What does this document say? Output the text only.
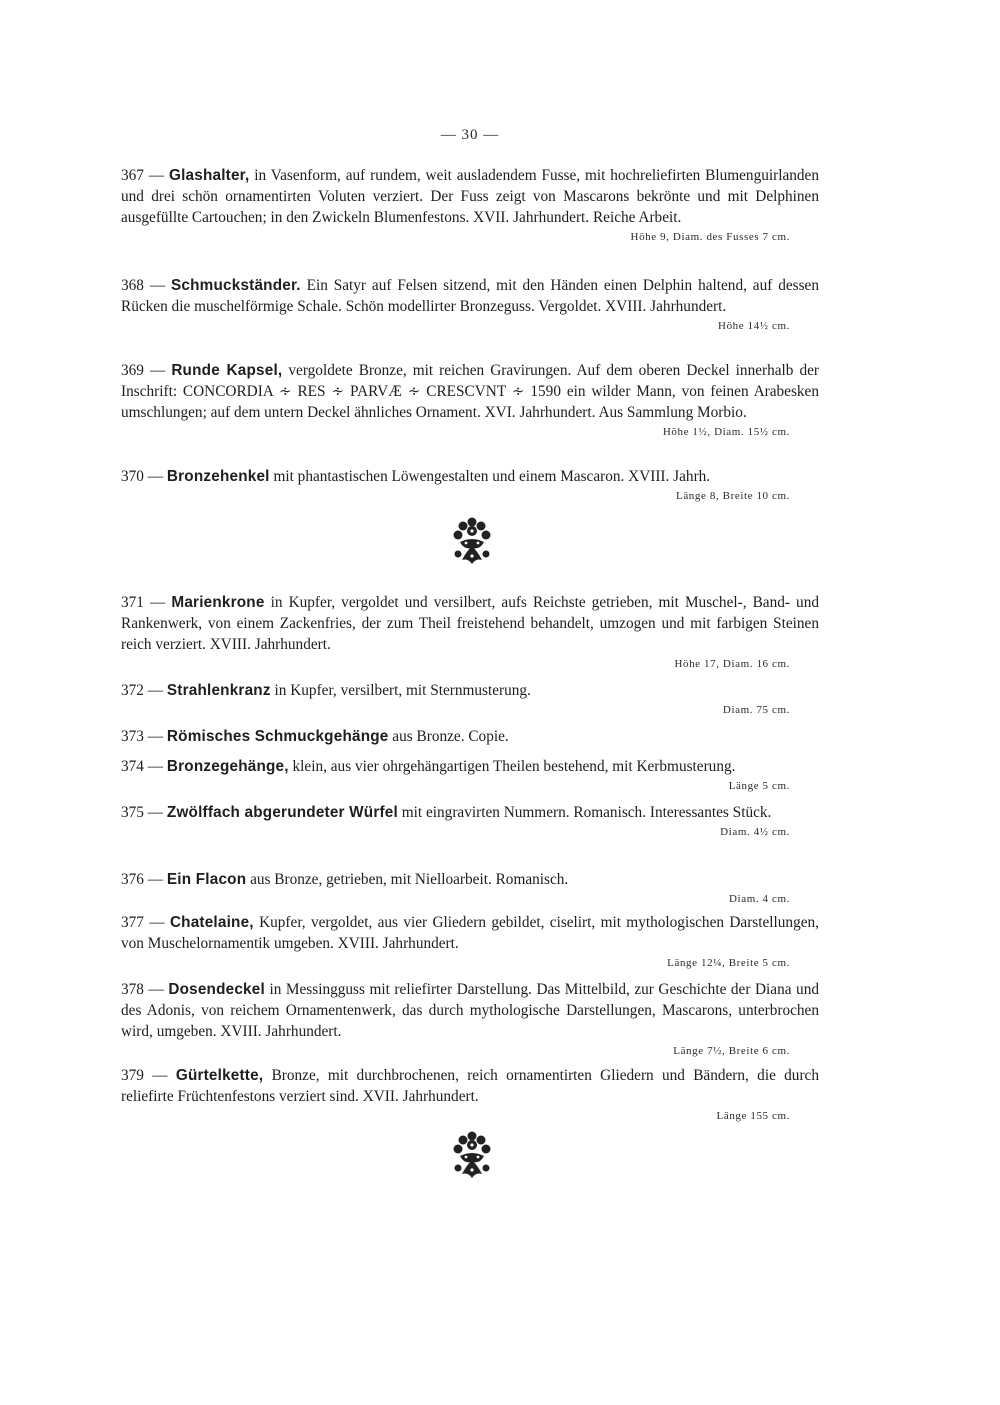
— 30 —
367 — Glashalter, in Vasenform, auf rundem, weit ausladendem Fusse, mit hochreliefirten Blumenguirlanden und drei schön ornamentirten Voluten verziert. Der Fuss zeigt von Mascarons bekrönte und mit Delphinen ausgefüllte Cartouchen; in den Zwickeln Blumenfestons. XVII. Jahrhundert. Reiche Arbeit.
Höhe 9, Diam. des Fusses 7 cm.
368 — Schmuckständer. Ein Satyr auf Felsen sitzend, mit den Händen einen Delphin haltend, auf dessen Rücken die muschelförmige Schale. Schön modellirter Bronzeguss. Vergoldet. XVIII. Jahrhundert.
Höhe 14½ cm.
369 — Runde Kapsel, vergoldete Bronze, mit reichen Gravirungen. Auf dem oberen Deckel innerhalb der Inschrift: CONCORDIA ∻ RES ∻ PARVÆ ∻ CRESCVNT ∻ 1590 ein wilder Mann, von feinen Arabesken umschlungen; auf dem untern Deckel ähnliches Ornament. XVI. Jahrhundert. Aus Sammlung Morbio.
Höhe 1½, Diam. 15½ cm.
370 — Bronzehenkel mit phantastischen Löwengestalten und einem Mascaron. XVIII. Jahrh.
Länge 8, Breite 10 cm.
371 — Marienkrone in Kupfer, vergoldet und versilbert, aufs Reichste getrieben, mit Muschel-, Band- und Rankenwerk, von einem Zackenfries, der zum Theil freistehend behandelt, umzogen und mit farbigen Steinen reich verziert. XVIII. Jahrhundert.
Höhe 17, Diam. 16 cm.
372 — Strahlenkranz in Kupfer, versilbert, mit Sternmusterung.
Diam. 75 cm.
373 — Römisches Schmuckgehänge aus Bronze. Copie.
374 — Bronzegehänge, klein, aus vier ohrgehängartigen Theilen bestehend, mit Kerbmusterung.
Länge 5 cm.
375 — Zwölffach abgerundeter Würfel mit eingravirten Nummern. Romanisch. Interessantes Stück.
Diam. 4½ cm.
376 — Ein Flacon aus Bronze, getrieben, mit Nielloarbeit. Romanisch.
Diam. 4 cm.
377 — Chatelaine, Kupfer, vergoldet, aus vier Gliedern gebildet, ciselirt, mit mythologischen Darstellungen, von Muschelornamentik umgeben. XVIII. Jahrhundert.
Länge 12¼, Breite 5 cm.
378 — Dosendeckel in Messingguss mit reliefirter Darstellung. Das Mittelbild, zur Geschichte der Diana und des Adonis, von reichem Ornamentenwerk, das durch mythologische Darstellungen, Mascarons, unterbrochen wird, umgeben. XVIII. Jahrhundert.
Länge 7½, Breite 6 cm.
379 — Gürtelkette, Bronze, mit durchbrochenen, reich ornamentirten Gliedern und Bändern, die durch reliefirte Früchtenfestons verziert sind. XVII. Jahrhundert.
Länge 155 cm.
